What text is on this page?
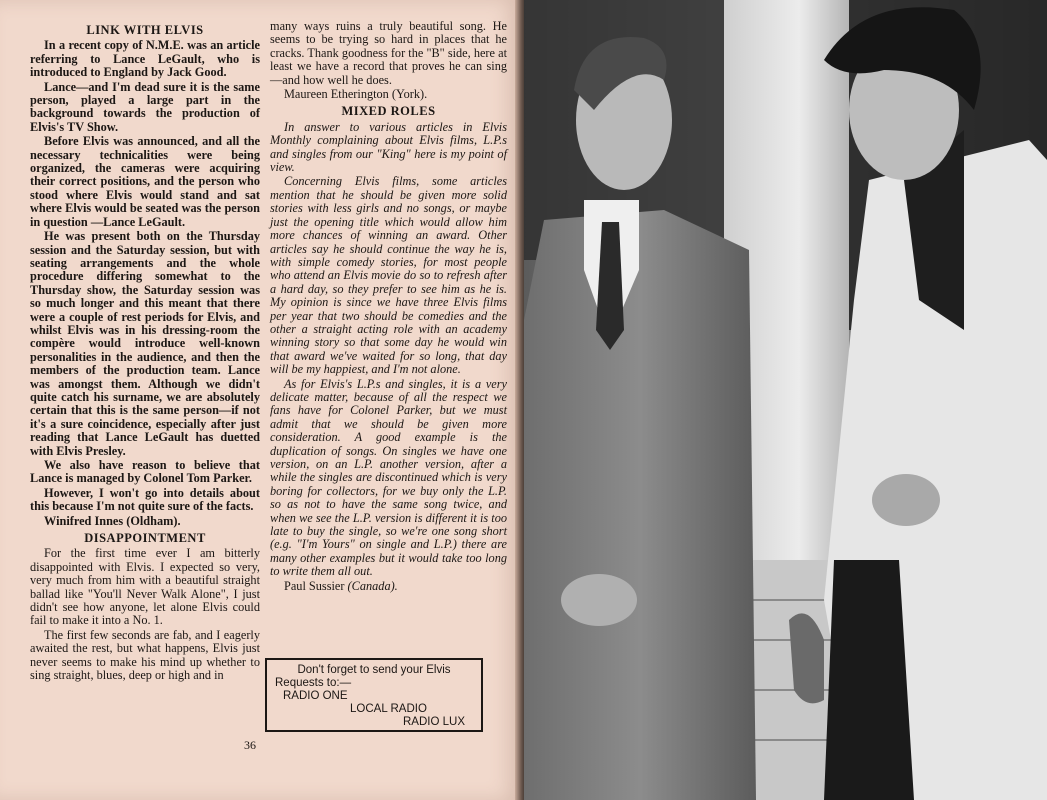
LINK WITH ELVIS

In a recent copy of N.M.E. was an article referring to Lance LeGault, who is introduced to England by Jack Good.

Lance—and I'm dead sure it is the same person, played a large part in the background towards the production of Elvis's TV Show.

Before Elvis was announced, and all the necessary technicalities were being organized, the cameras were acquiring their correct positions, and the person who stood where Elvis would stand and sat where Elvis would be seated was the person in question —Lance LeGault.

He was present both on the Thursday session and the Saturday session, but with seating arrangements and the whole procedure differing somewhat to the Thursday show, the Saturday session was so much longer and this meant that there were a couple of rest periods for Elvis, and whilst Elvis was in his dressing-room the compère would introduce well-known personalities in the audience, and then the members of the production team. Lance was amongst them. Although we didn't quite catch his surname, we are absolutely certain that this is the same person—if not it's a sure coincidence, especially after just reading that Lance LeGault has duetted with Elvis Presley.

We also have reason to believe that Lance is managed by Colonel Tom Parker.

However, I won't go into details about this because I'm not quite sure of the facts.

Winifred Innes (Oldham).

DISAPPOINTMENT

For the first time ever I am bitterly disappointed with Elvis. I expected so very, very much from him with a beautiful straight ballad like "You'll Never Walk Alone", I just didn't see how anyone, let alone Elvis could fail to make it into a No. 1.

The first few seconds are fab, and I eagerly awaited the rest, but what happens, Elvis just never seems to make his mind up whether to sing straight, blues, deep or high and in

many ways ruins a truly beautiful song. He seems to be trying so hard in places that he cracks. Thank goodness for the "B" side, here at least we have a record that proves he can sing —and how well he does.

Maureen Etherington (York).

MIXED ROLES

In answer to various articles in Elvis Monthly complaining about Elvis films, L.P.s and singles from our "King" here is my point of view.

Concerning Elvis films, some articles mention that he should be given more solid stories with less girls and no songs, or maybe just the opening title which would allow him more chances of winning an award. Other articles say he should continue the way he is, with simple comedy stories, for most people who attend an Elvis movie do so to refresh after a hard day, so they prefer to see him as he is. My opinion is since we have three Elvis films per year that two should be comedies and the other a straight acting role with an academy winning story so that some day he would win that award we've waited for so long, that day will be my happiest, and I'm not alone.

As for Elvis's L.P.s and singles, it is a very delicate matter, because of all the respect we fans have for Colonel Parker, but we must admit that we should be given more consideration. A good example is the duplication of songs. On singles we have one version, on an L.P. another version, after a while the singles are discontinued which is very boring for collectors, for we buy only the L.P. so as not to have the same song twice, and when we see the L.P. version is different it is too late to buy the single, so we're one song short (e.g. "I'm Yours" on single and L.P.) there are many other examples but it would take too long to write them all out.

Paul Sussier (Canada).

Don't forget to send your Elvis
Requests to:—
RADIO ONE
LOCAL RADIO
RADIO LUX
36
